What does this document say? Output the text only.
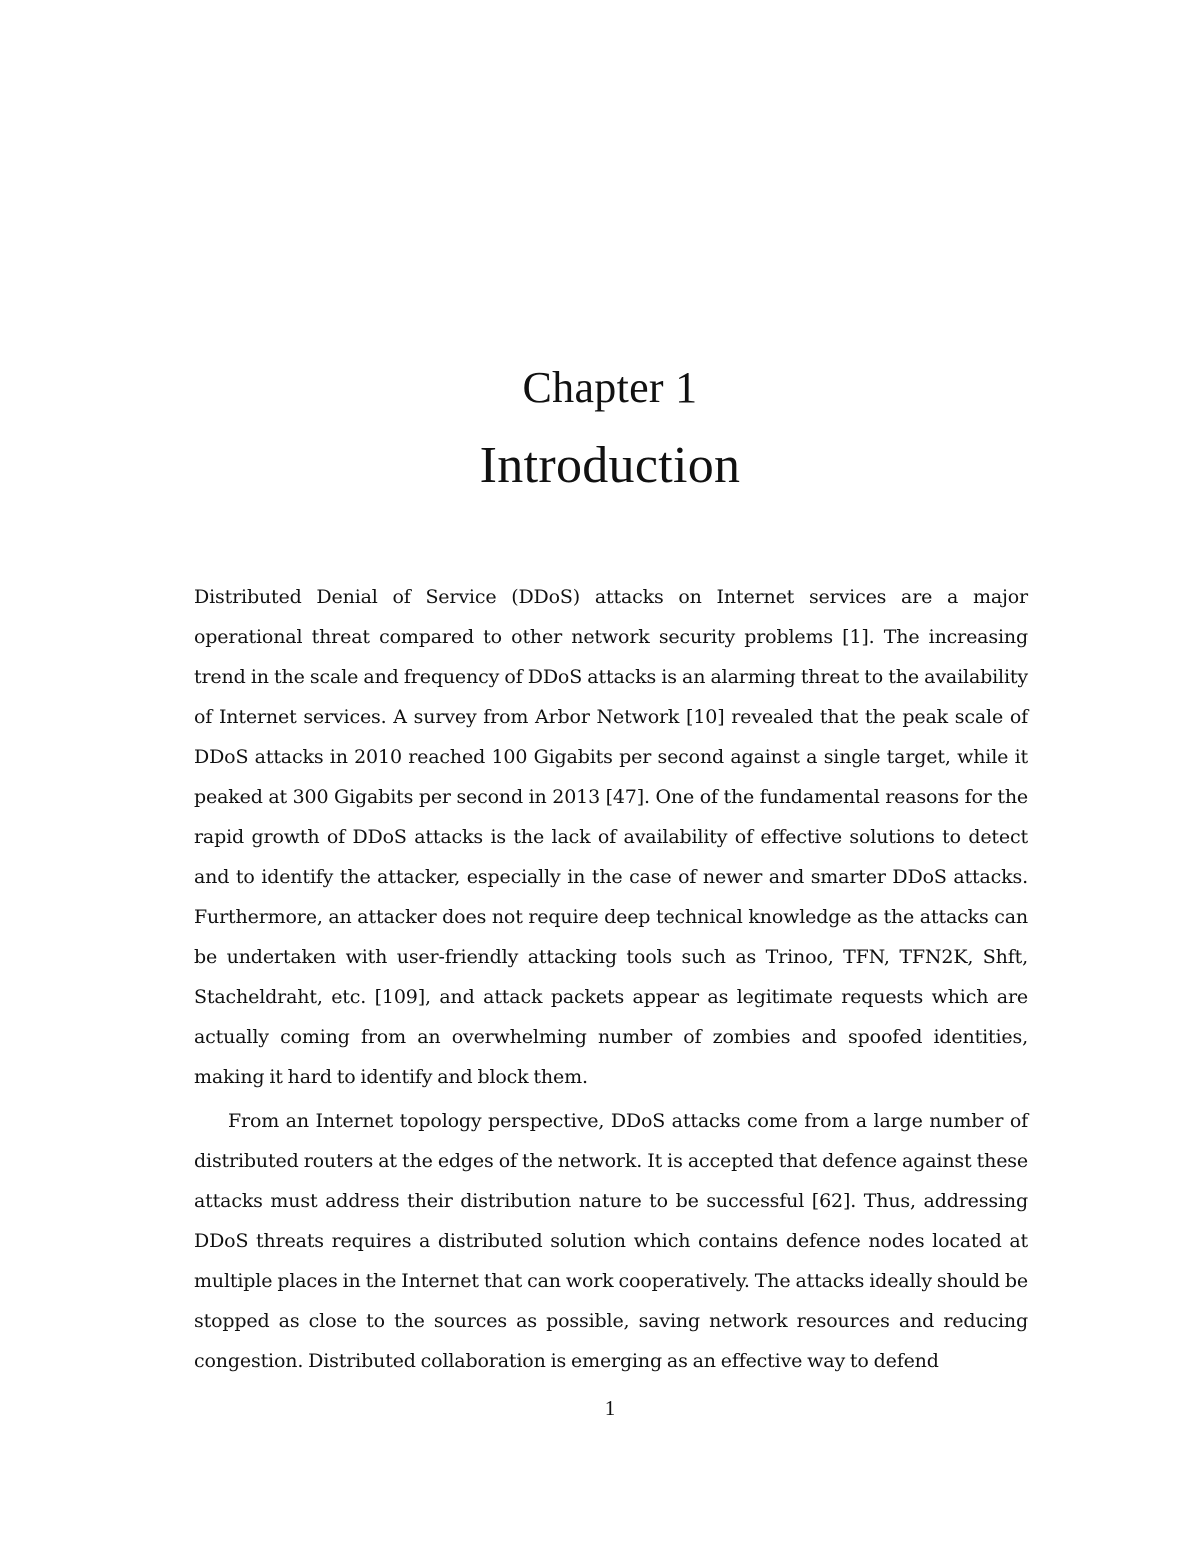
Chapter 1
Introduction

Distributed Denial of Service (DDoS) attacks on Internet services are a major operational threat compared to other network security problems [1]. The increasing trend in the scale and frequency of DDoS attacks is an alarming threat to the availability of Internet services. A survey from Arbor Network [10] revealed that the peak scale of DDoS attacks in 2010 reached 100 Gigabits per second against a single target, while it peaked at 300 Gigabits per second in 2013 [47]. One of the fundamental reasons for the rapid growth of DDoS attacks is the lack of availability of effective solutions to detect and to identify the attacker, especially in the case of newer and smarter DDoS attacks. Furthermore, an attacker does not require deep technical knowledge as the attacks can be undertaken with user-friendly attacking tools such as Trinoo, TFN, TFN2K, Shft, Stacheldraht, etc. [109], and attack packets appear as legitimate requests which are actually coming from an overwhelming number of zombies and spoofed identities, making it hard to identify and block them.

From an Internet topology perspective, DDoS attacks come from a large number of distributed routers at the edges of the network. It is accepted that defence against these attacks must address their distribution nature to be successful [62]. Thus, addressing DDoS threats requires a distributed solution which contains defence nodes located at multiple places in the Internet that can work cooperatively. The attacks ideally should be stopped as close to the sources as possible, saving network resources and reducing congestion. Distributed collaboration is emerging as an effective way to defend

1
